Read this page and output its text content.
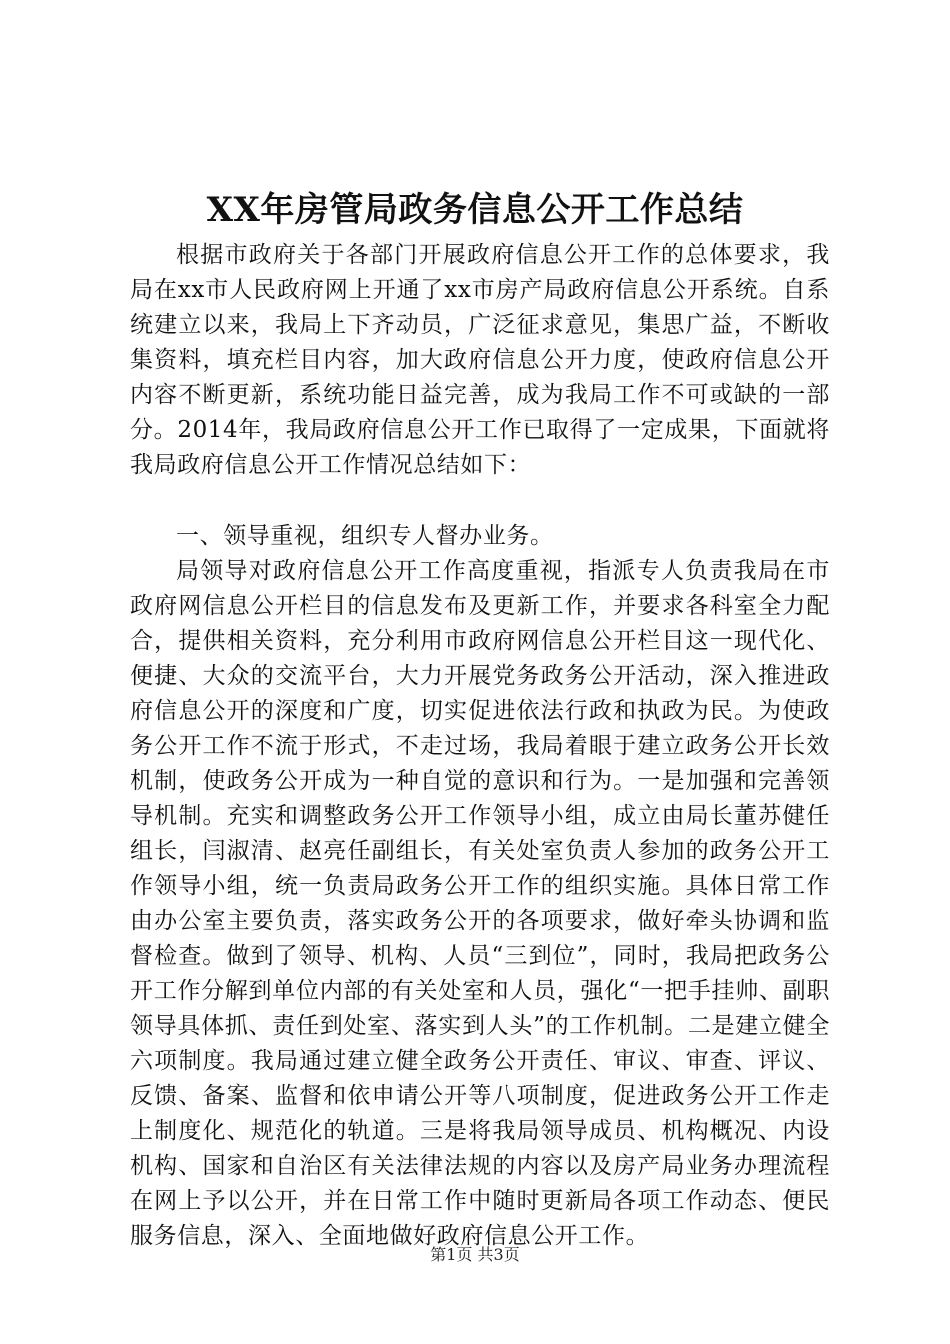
XX年房管局政务信息公开工作总结

根据市政府关于各部门开展政府信息公开工作的总体要求，我局在xx市人民政府网上开通了xx市房产局政府信息公开系统。自系统建立以来，我局上下齐动员，广泛征求意见，集思广益，不断收集资料，填充栏目内容，加大政府信息公开力度，使政府信息公开内容不断更新，系统功能日益完善，成为我局工作不可或缺的一部分。2014年，我局政府信息公开工作已取得了一定成果，下面就将我局政府信息公开工作情况总结如下：

一、领导重视，组织专人督办业务。

局领导对政府信息公开工作高度重视，指派专人负责我局在市政府网信息公开栏目的信息发布及更新工作，并要求各科室全力配合，提供相关资料，充分利用市政府网信息公开栏目这一现代化、便捷、大众的交流平台，大力开展党务政务公开活动，深入推进政府信息公开的深度和广度，切实促进依法行政和执政为民。为使政务公开工作不流于形式，不走过场，我局着眼于建立政务公开长效机制，使政务公开成为一种自觉的意识和行为。一是加强和完善领导机制。充实和调整政务公开工作领导小组，成立由局长董苏健任组长，闫淑清、赵亮任副组长，有关处室负责人参加的政务公开工作领导小组，统一负责局政务公开工作的组织实施。具体日常工作由办公室主要负责，落实政务公开的各项要求，做好牵头协调和监督检查。做到了领导、机构、人员“三到位”，同时，我局把政务公开工作分解到单位内部的有关处室和人员，强化“一把手挂帅、副职领导具体抓、责任到处室、落实到人头”的工作机制。二是建立健全六项制度。我局通过建立健全政务公开责任、审议、审查、评议、反馈、备案、监督和依申请公开等八项制度，促进政务公开工作走上制度化、规范化的轨道。三是将我局领导成员、机构概况、内设机构、国家和自治区有关法律法规的内容以及房产局业务办理流程在网上予以公开，并在日常工作中随时更新局各项工作动态、便民服务信息，深入、全面地做好政府信息公开工作。

第1页 共3页
